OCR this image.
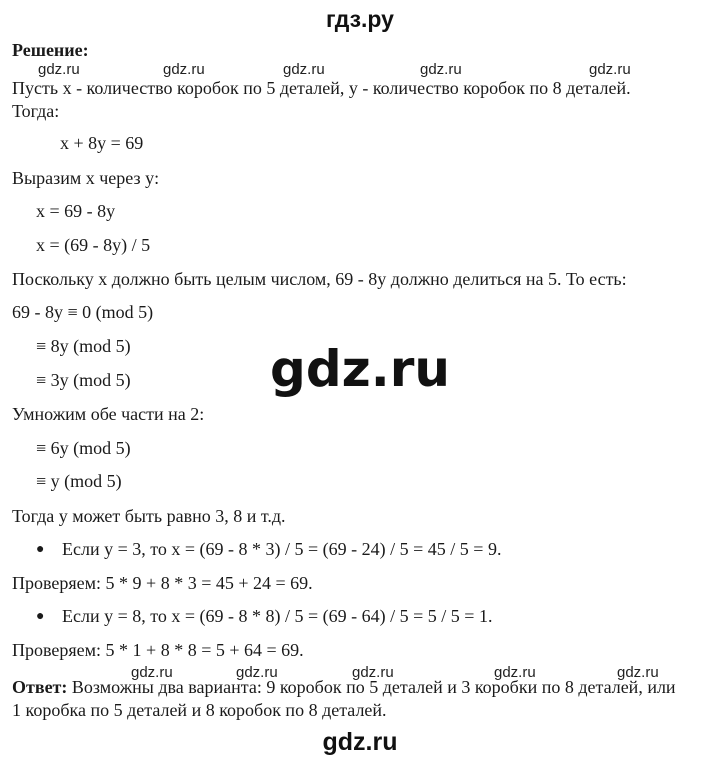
гдз.ру
Решение:
gdz.ru	gdz.ru	gdz.ru	gdz.ru	gdz.ru
Пусть x - количество коробок по 5 деталей, y - количество коробок по 8 деталей.
Тогда:
x + 8y = 69
Выразим x через y:
x = 69 - 8y
x = (69 - 8y) / 5
Поскольку x должно быть целым числом, 69 - 8y должно делиться на 5. То есть:
69 - 8y ≡ 0 (mod 5)
≡ 8y (mod 5)
≡ 3y (mod 5)	gdz.ru
Умножим обе части на 2:
≡ 6y (mod 5)
≡ y (mod 5)
Тогда y может быть равно 3, 8 и т.д.
● Если y = 3, то x = (69 - 8 * 3) / 5 = (69 - 24) / 5 = 45 / 5 = 9.
Проверяем: 5 * 9 + 8 * 3 = 45 + 24 = 69.
● Если y = 8, то x = (69 - 8 * 8) / 5 = (69 - 64) / 5 = 5 / 5 = 1.
Проверяем: 5 * 1 + 8 * 8 = 5 + 64 = 69.
gdz.ru	gdz.ru	gdz.ru	gdz.ru	gdz.ru
Ответ: Возможны два варианта: 9 коробок по 5 деталей и 3 коробки по 8 деталей, или
1 коробка по 5 деталей и 8 коробок по 8 деталей.
gdz.ru
